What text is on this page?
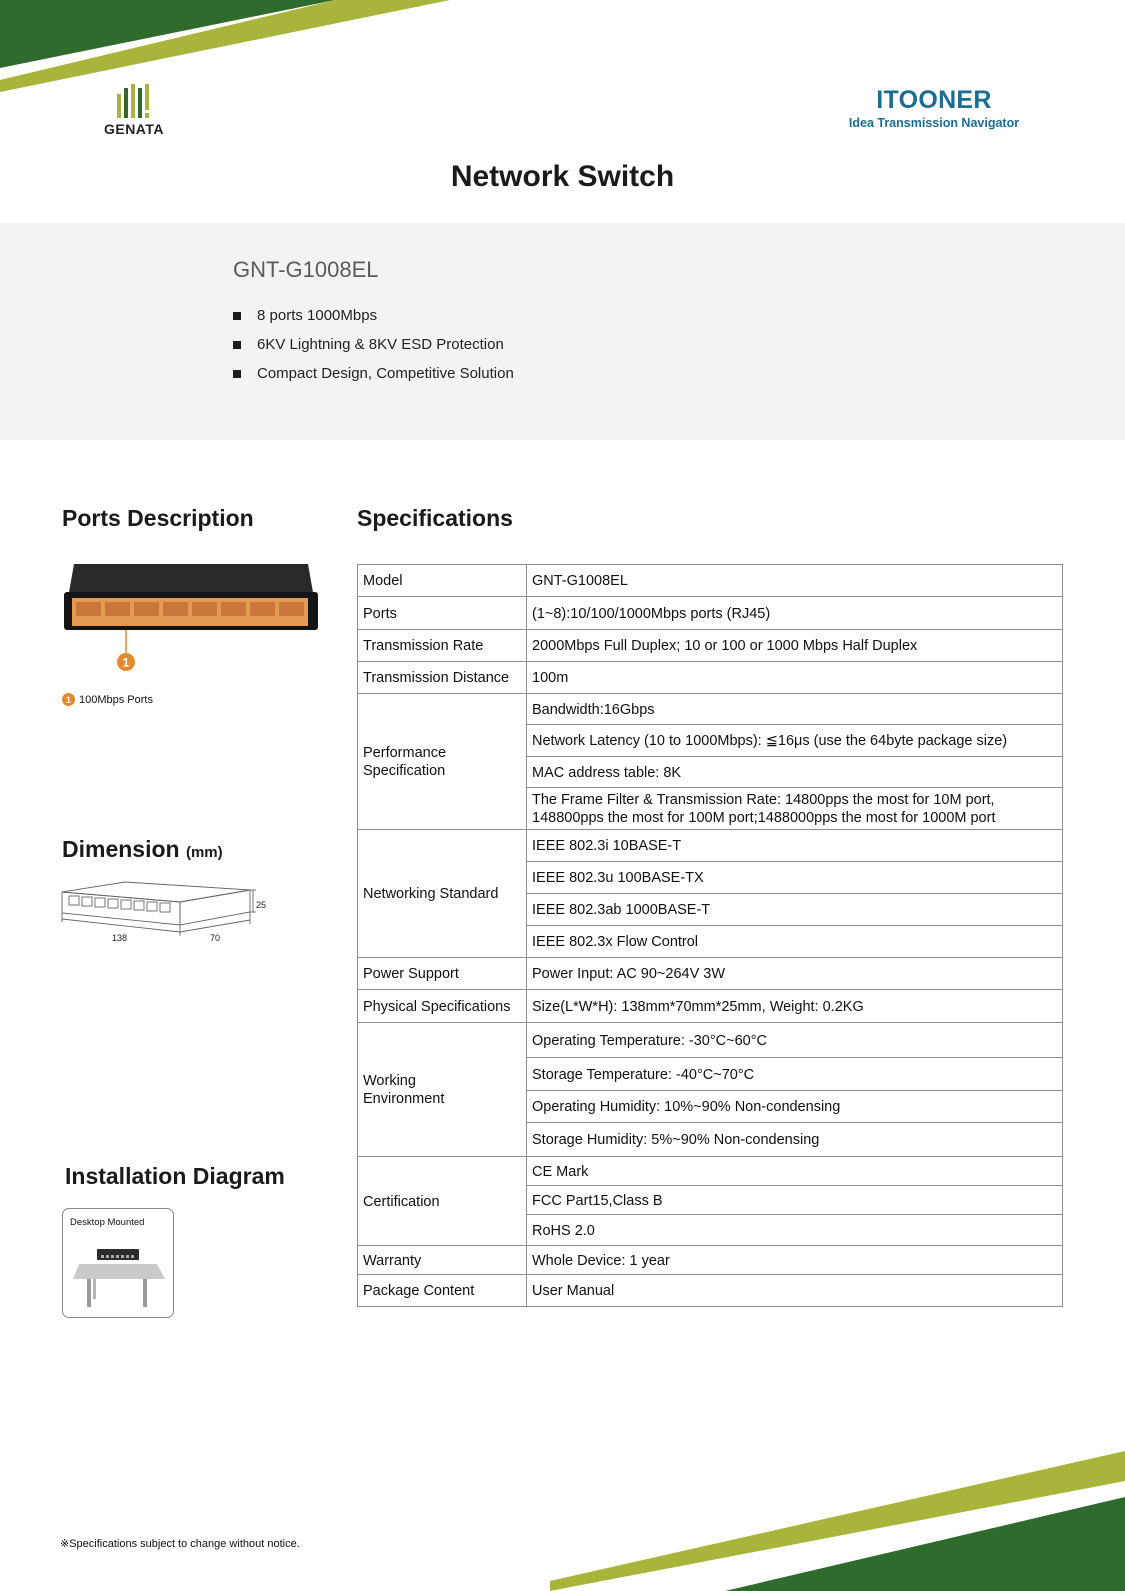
GENATA
ITOONER
Idea Transmission Navigator
Network Switch
GNT-G1008EL
8 ports 1000Mbps
6KV Lightning & 8KV ESD Protection
Compact Design, Competitive Solution
Ports Description
1
1 100Mbps Ports
Dimension (mm)
138	70
25
Installation Diagram
Desktop Mounted
Specifications
Model	GNT-G1008EL
Ports	(1~8):10/100/1000Mbps ports (RJ45)
Transmission Rate	2000Mbps Full Duplex; 10 or 100 or 1000 Mbps Half Duplex
Transmission Distance	100m
Performance Specification	Bandwidth:16Gbps
	Network Latency (10 to 1000Mbps): ≦16μs (use the 64byte package size)
	MAC address table: 8K
	The Frame Filter & Transmission Rate: 14800pps the most for 10M port, 148800pps the most for 100M port;1488000pps the most for 1000M port
Networking Standard	IEEE 802.3i 10BASE-T
	IEEE 802.3u 100BASE-TX
	IEEE 802.3ab 1000BASE-T
	IEEE 802.3x Flow Control
Power Support	Power Input: AC 90~264V 3W
Physical Specifications	Size(L*W*H): 138mm*70mm*25mm, Weight: 0.2KG
Working Environment	Operating Temperature: -30°C~60°C
	Storage Temperature: -40°C~70°C
	Operating Humidity: 10%~90% Non-condensing
	Storage Humidity: 5%~90% Non-condensing
Certification	CE Mark
	FCC Part15,Class B
	RoHS 2.0
Warranty	Whole Device: 1 year
Package Content	User Manual
※Specifications subject to change without notice.
